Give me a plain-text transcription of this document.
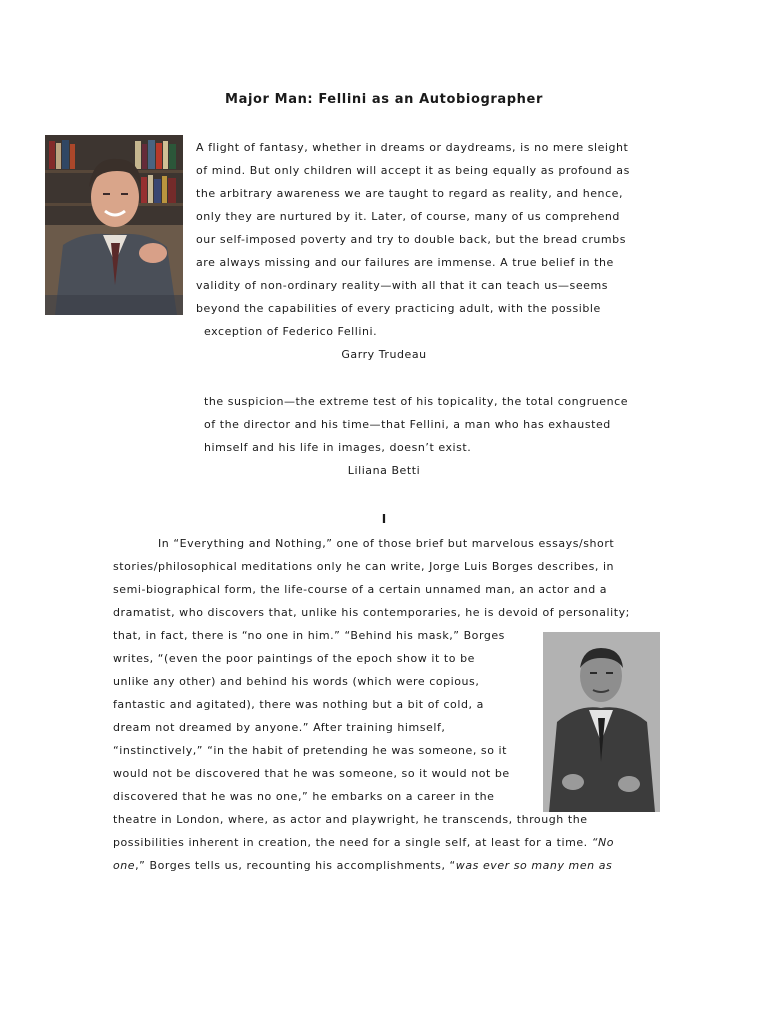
Major Man: Fellini as an Autobiographer
A flight of fantasy, whether in dreams or daydreams, is no mere sleight
of mind. But only children will accept it as being equally as profound as
the arbitrary awareness we are taught to regard as reality, and hence,
only they are nurtured by it. Later, of course, many of us comprehend
our self-imposed poverty and try to double back, but the bread crumbs
are always missing and our failures are immense. A true belief in the
validity of non-ordinary reality—with all that it can teach us—seems
beyond the capabilities of every practicing adult, with the possible
exception of Federico Fellini.
Garry Trudeau
the suspicion—the extreme test of his topicality, the total congruence
of the director and his time—that Fellini, a man who has exhausted
himself and his life in images, doesn’t exist.
Liliana Betti
I
In “Everything and Nothing,” one of those brief but marvelous essays/short
stories/philosophical meditations only he can write, Jorge Luis Borges describes, in
semi-biographical form, the life-course of a certain unnamed man, an actor and a
dramatist, who discovers that, unlike his contemporaries, he is devoid of personality;
that, in fact, there is “no one in him.” “Behind his mask,” Borges
writes, “(even the poor paintings of the epoch show it to be
unlike any other) and behind his words (which were copious,
fantastic and agitated), there was nothing but a bit of cold, a
dream not dreamed by anyone.” After training himself,
“instinctively,” “in the habit of pretending he was someone, so it
would not be discovered that he was someone, so it would not be
discovered that he was no one,” he embarks on a career in the
theatre in London, where, as actor and playwright, he transcends, through the
possibilities inherent in creation, the need for a single self, at least for a time. “No
one,” Borges tells us, recounting his accomplishments, “was ever so many men as
